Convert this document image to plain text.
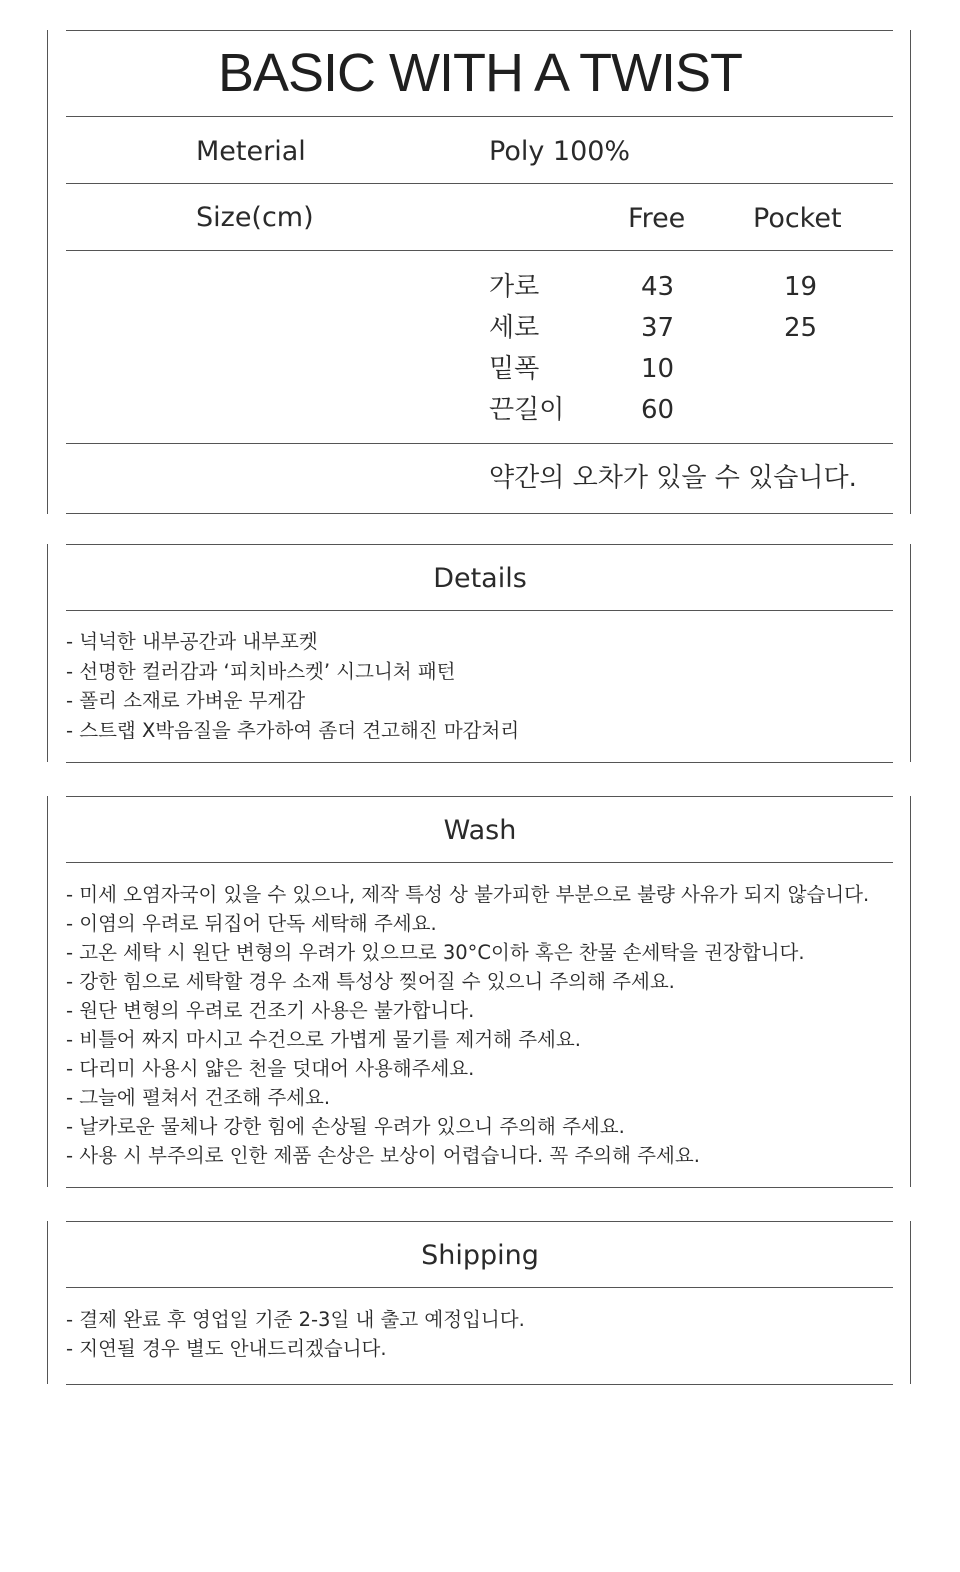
BASIC WITH A TWIST
Meterial	Poly 100%
Size(cm)	Free	Pocket
가로	43	19
세로	37	25
밑폭	10
끈길이	60
약간의 오차가 있을 수 있습니다.
Details
- 넉넉한 내부공간과 내부포켓
- 선명한 컬러감과 ‘피치바스켓’ 시그니처 패턴
- 폴리 소재로 가벼운 무게감
- 스트랩 X박음질을 추가하여 좀더 견고해진 마감처리
Wash
- 미세 오염자국이 있을 수 있으나, 제작 특성 상 불가피한 부분으로 불량 사유가 되지 않습니다.
- 이염의 우려로 뒤집어 단독 세탁해 주세요.
- 고온 세탁 시 원단 변형의 우려가 있으므로 30°C이하 혹은 찬물 손세탁을 권장합니다.
- 강한 힘으로 세탁할 경우 소재 특성상 찢어질 수 있으니 주의해 주세요.
- 원단 변형의 우려로 건조기 사용은 불가합니다.
- 비틀어 짜지 마시고 수건으로 가볍게 물기를 제거해 주세요.
- 다리미 사용시 얇은 천을 덧대어 사용해주세요.
- 그늘에 펼쳐서 건조해 주세요.
- 날카로운 물체나 강한 힘에 손상될 우려가 있으니 주의해 주세요.
- 사용 시 부주의로 인한 제품 손상은 보상이 어렵습니다. 꼭 주의해 주세요.
Shipping
- 결제 완료 후 영업일 기준 2-3일 내 출고 예정입니다.
- 지연될 경우 별도 안내드리겠습니다.
